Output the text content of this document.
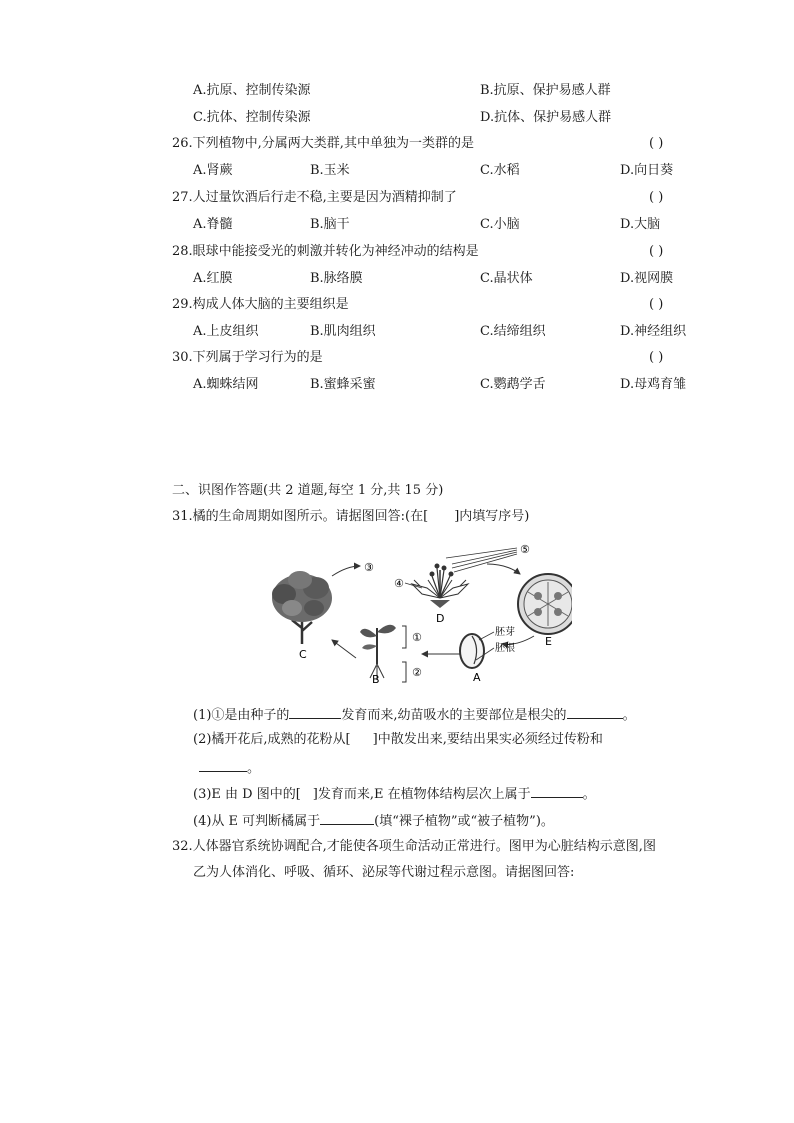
A.抗原、控制传染源	B.抗原、保护易感人群
C.抗体、控制传染源	D.抗体、保护易感人群
26.下列植物中,分属两大类群,其中单独为一类群的是	( )
A.肾蕨	B.玉米	C.水稻	D.向日葵
27.人过量饮酒后行走不稳,主要是因为酒精抑制了	( )
A.脊髓	B.脑干	C.小脑	D.大脑
28.眼球中能接受光的刺激并转化为神经冲动的结构是	( )
A.红膜	B.脉络膜	C.晶状体	D.视网膜
29.构成人体大脑的主要组织是	( )
A.上皮组织	B.肌肉组织	C.结缔组织	D.神经组织
30.下列属于学习行为的是	( )
A.蜘蛛结网	B.蜜蜂采蜜	C.鹦鹉学舌	D.母鸡育雏
二、识图作答题(共 2 道题,每空 1 分,共 15 分)
31.橘的生命周期如图所示。请据图回答:(在[ ]内填写序号)
C
③
④
D
⑤
E
胚芽
胚根
A
①
②
B
(1)①是由种子的	发育而来,幼苗吸水的主要部位是根尖的	。
(2)橘开花后,成熟的花粉从[ ]中散发出来,要结出果实必须经过传粉和
。
(3)E 由 D 图中的[ ]发育而来,E 在植物体结构层次上属于	。
(4)从 E 可判断橘属于	(填“裸子植物”或“被子植物”)。
32.人体器官系统协调配合,才能使各项生命活动正常进行。图甲为心脏结构示意图,图
乙为人体消化、呼吸、循环、泌尿等代谢过程示意图。请据图回答:
